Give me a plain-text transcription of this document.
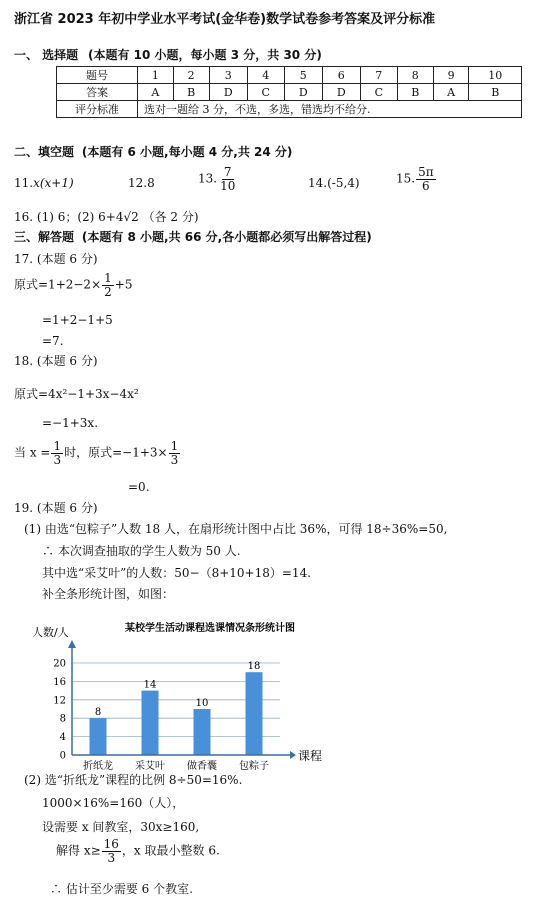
浙江省 2023 年初中学业水平考试(金华卷)数学试卷参考答案及评分标准
一、 选择题 (本题有 10 小题，每小题 3 分，共 30 分)
题号	1	2	3	4	5	6	7	8	9	10
答案	A	B	D	C	D	D	C	B	A	B
评分标准	选对一题给 3 分，不选，多选，错选均不给分.									
二、填空题 (本题有 6 小题,每小题 4 分,共 24 分)
11.x(x+1)	12.8	13. $\frac{7}{10}$	14.(-5,4)	15. $\frac{5\pi}{6}$
16. (1) 6；(2) 6+4√2 （各 2 分)
三、解答题 (本题有 8 小题,共 66 分,各小题都必须写出解答过程)
17. (本题 6 分)
原式$=1+2-2\times \frac{1}{2} +5$
=1+2−1+5
=7.
18. (本题 6 分)
原式=4x²−1+3x−4x²
=−1+3x.
当 $x = \frac{1}{3}$ 时，原式$=-1+3\times \frac{1}{3}$
=0.
19. (本题 6 分)
(1) 由选“包粽子”人数 18 人，在扇形统计图中占比 36%，可得 18÷36%=50,
∴ 本次调查抽取的学生人数为 50 人.
其中选“采艾叶”的人数：50−（8+10+18）=14.
补全条形统计图，如图：
某校学生活动课程选课情况条形统计图
人数/人
课程
0
4
8
12
16
20
8
折纸龙
14
采艾叶
10
做香囊
18
包粽子
(2) 选“折纸龙”课程的比例 8÷50=16%.
1000×16%=160（人），
设需要 x 间教室，30x≥160,
解得 $x\ge \frac{16}{3}$ ，x 取最小整数 6.
∴ 估计至少需要 6 个教室.
